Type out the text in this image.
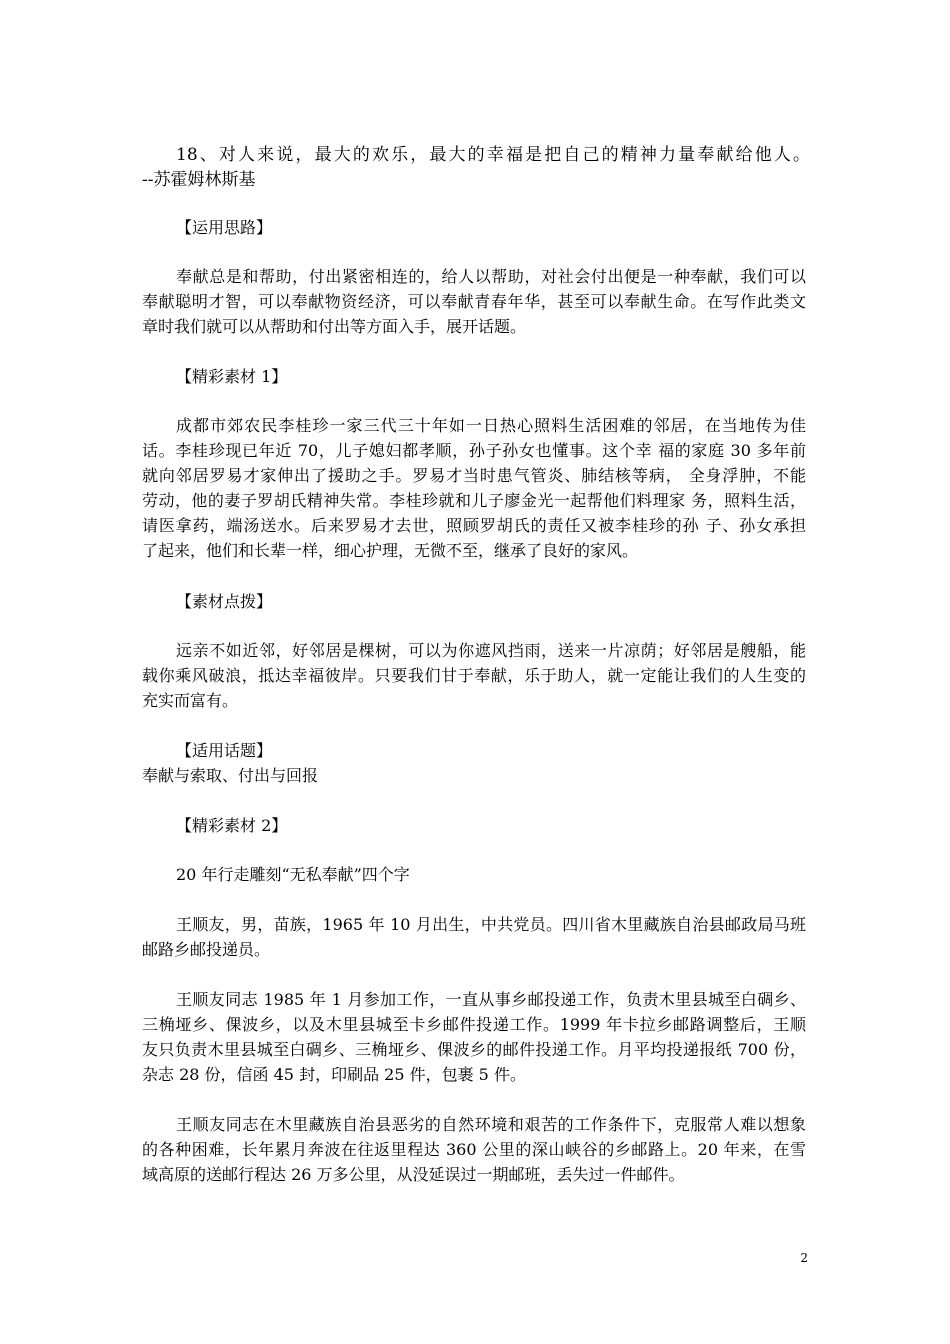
18、对人来说，最大的欢乐，最大的幸福是把自己的精神力量奉献给他人。
--苏霍姆林斯基
【运用思路】
奉献总是和帮助，付出紧密相连的，给人以帮助，对社会付出便是一种奉献，我们可以
奉献聪明才智，可以奉献物资经济，可以奉献青春年华，甚至可以奉献生命。在写作此类文
章时我们就可以从帮助和付出等方面入手，展开话题。
【精彩素材 1】
成都市郊农民李桂珍一家三代三十年如一日热心照料生活困难的邻居，在当地传为佳
话。李桂珍现已年近 70，儿子媳妇都孝顺，孙子孙女也懂事。这个幸 福的家庭 30 多年前
就向邻居罗易才家伸出了援助之手。罗易才当时患气管炎、肺结核等病， 全身浮肿，不能
劳动，他的妻子罗胡氏精神失常。李桂珍就和儿子廖金光一起帮他们料理家 务，照料生活，
请医拿药，端汤送水。后来罗易才去世，照顾罗胡氏的责任又被李桂珍的孙 子、孙女承担
了起来，他们和长辈一样，细心护理，无微不至，继承了良好的家风。
【素材点拨】
远亲不如近邻，好邻居是棵树，可以为你遮风挡雨，送来一片凉荫；好邻居是艘船，能
载你乘风破浪，抵达幸福彼岸。只要我们甘于奉献，乐于助人，就一定能让我们的人生变的
充实而富有。
【适用话题】
奉献与索取、付出与回报
【精彩素材 2】
20 年行走雕刻“无私奉献”四个字
王顺友，男，苗族，1965 年 10 月出生，中共党员。四川省木里藏族自治县邮政局马班
邮路乡邮投递员。
王顺友同志 1985 年 1 月参加工作，一直从事乡邮投递工作，负责木里县城至白碉乡、
三桷垭乡、倮波乡，以及木里县城至卡乡邮件投递工作。1999 年卡拉乡邮路调整后，王顺
友只负责木里县城至白碉乡、三桷垭乡、倮波乡的邮件投递工作。月平均投递报纸 700 份，
杂志 28 份，信函 45 封，印刷品 25 件，包裹 5 件。
王顺友同志在木里藏族自治县恶劣的自然环境和艰苦的工作条件下，克服常人难以想象
的各种困难，长年累月奔波在往返里程达 360 公里的深山峡谷的乡邮路上。20 年来，在雪
域高原的送邮行程达 26 万多公里，从没延误过一期邮班，丢失过一件邮件。
2
